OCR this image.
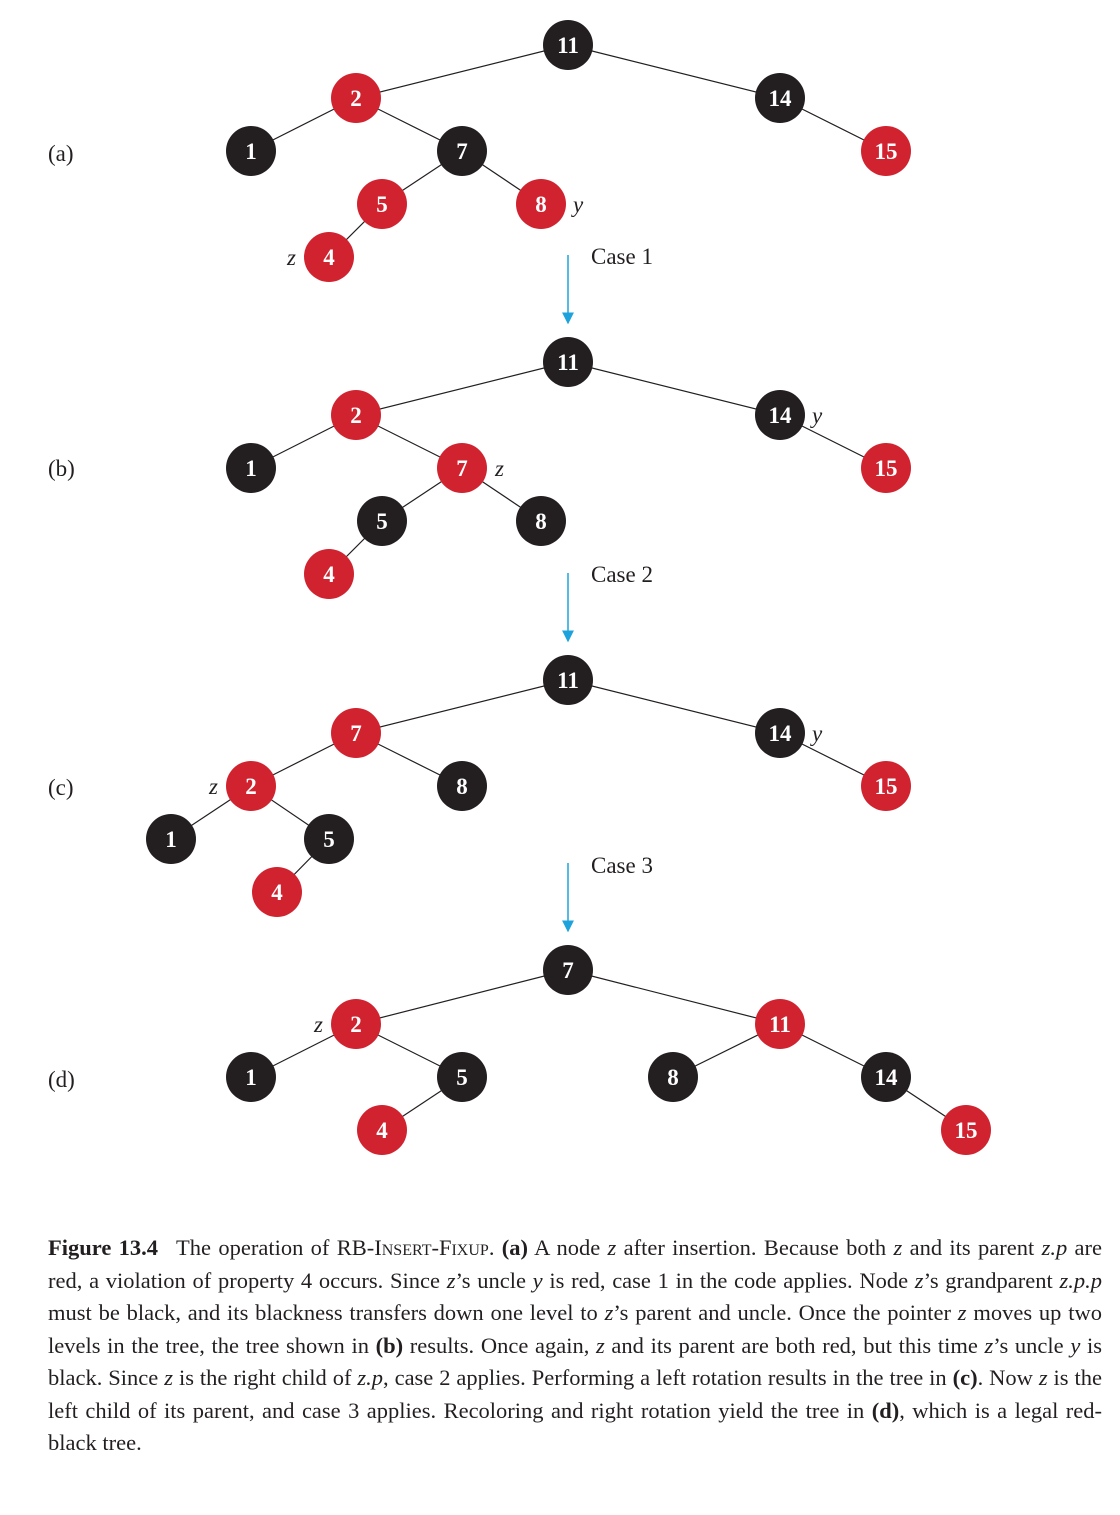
11
2	14
1	7	15
5	8 y
4
z
11
2	14 y
1	7 z	15
5	8
4
11
7	14 y
2
z	8	15
1	5
4
7
2
z	11
1	5	8	14
4	15
(a)
(b)
(c)
(d)
Case 1
Case 2
Case 3

Figure 13.4 The operation of RB-Insert-Fixup. (a) A node z after insertion. Because both z and its parent z.p are red, a violation of property 4 occurs. Since z’s uncle y is red, case 1 in the code applies. Node z’s grandparent z.p.p must be black, and its blackness transfers down one level to z’s parent and uncle. Once the pointer z moves up two levels in the tree, the tree shown in (b) results. Once again, z and its parent are both red, but this time z’s uncle y is black. Since z is the right child of z.p, case 2 applies. Performing a left rotation results in the tree in (c). Now z is the left child of its parent, and case 3 applies. Recoloring and right rotation yield the tree in (d), which is a legal red-black tree.
